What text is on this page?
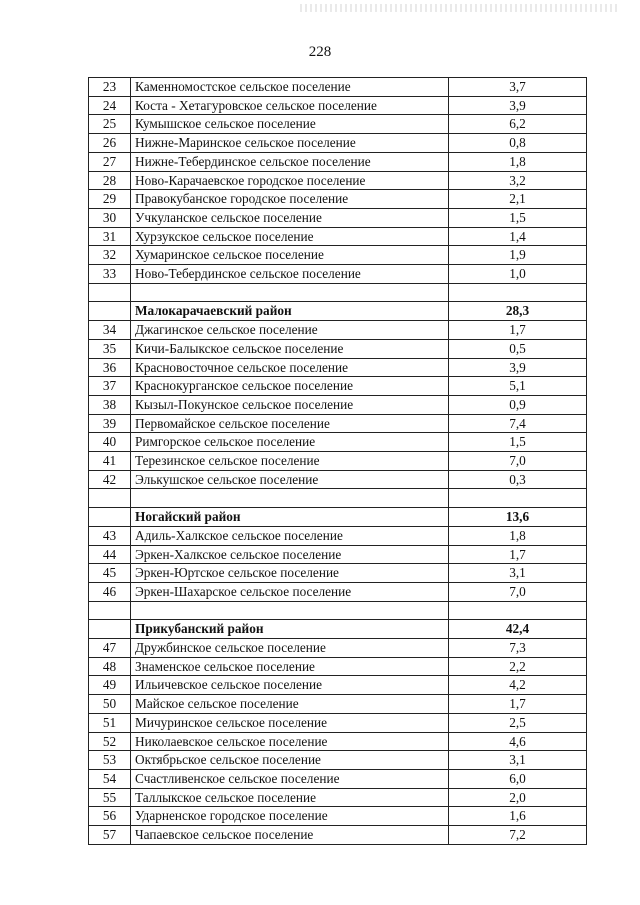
228
23	Каменномостское сельское поселение	3,7
24	Коста - Хетагуровское сельское поселение	3,9
25	Кумышское сельское поселение	6,2
26	Нижне-Маринское сельское поселение	0,8
27	Нижне-Тебердинское сельское поселение	1,8
28	Ново-Карачаевское городское поселение	3,2
29	Правокубанское городское поселение	2,1
30	Учкуланское сельское поселение	1,5
31	Хурзукское сельское поселение	1,4
32	Хумаринское сельское поселение	1,9
33	Ново-Тебердинское сельское поселение	1,0

	Малокарачаевский район	28,3
34	Джагинское сельское поселение	1,7
35	Кичи-Балыкское сельское поселение	0,5
36	Красновосточное сельское поселение	3,9
37	Краснокурганское сельское поселение	5,1
38	Кызыл-Покунское сельское поселение	0,9
39	Первомайское сельское поселение	7,4
40	Римгорское сельское поселение	1,5
41	Терезинское сельское поселение	7,0
42	Элькушское сельское поселение	0,3

	Ногайский район	13,6
43	Адиль-Халкское сельское поселение	1,8
44	Эркен-Халкское сельское поселение	1,7
45	Эркен-Юртское сельское поселение	3,1
46	Эркен-Шахарское сельское поселение	7,0

	Прикубанский район	42,4
47	Дружбинское сельское поселение	7,3
48	Знаменское сельское поселение	2,2
49	Ильичевское сельское поселение	4,2
50	Майское сельское поселение	1,7
51	Мичуринское сельское поселение	2,5
52	Николаевское сельское поселение	4,6
53	Октябрьское сельское поселение	3,1
54	Счастливенское сельское поселение	6,0
55	Таллыкское сельское поселение	2,0
56	Ударненское городское поселение	1,6
57	Чапаевское сельское поселение	7,2
